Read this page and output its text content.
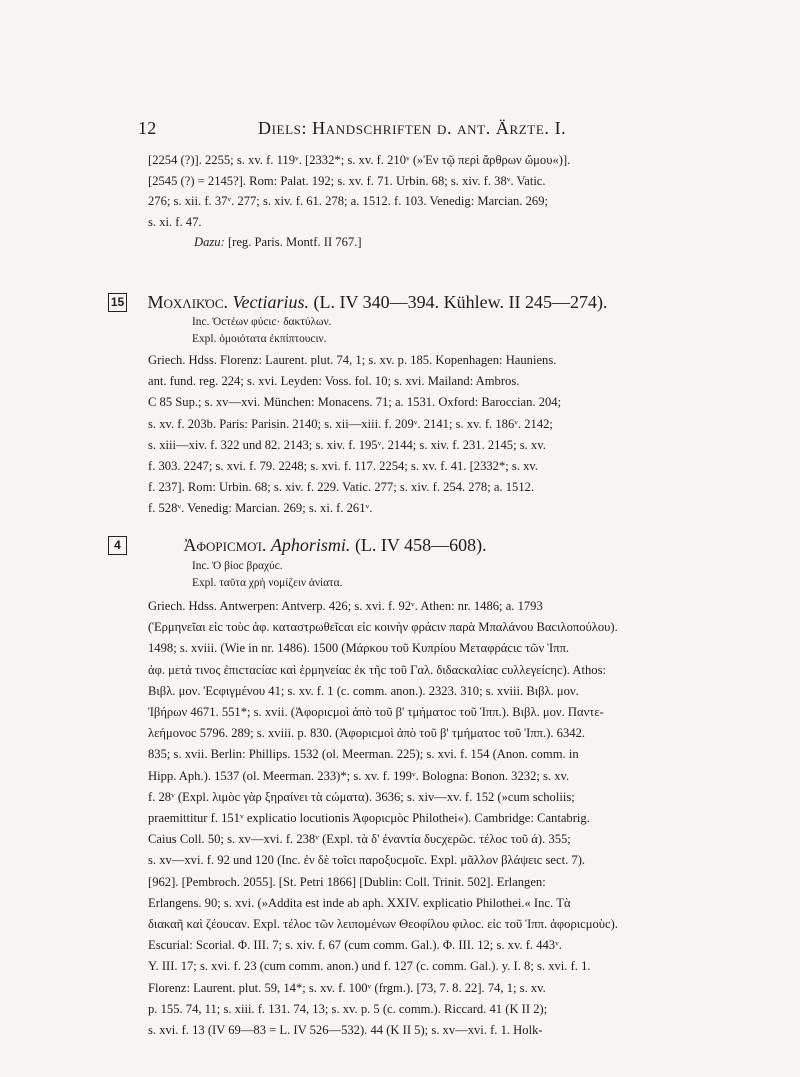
12	Diels: Handschriften d. ant. Ärzte. I.

[2254 (?)]. 2255; s. xv. f. 119ᵛ. [2332*; s. xv. f. 210ᵛ (»Ἐν τῷ περὶ ἄρθρων ὤμου«)].

[2545 (?) = 2145?]. Rom: Palat. 192; s. xv. f. 71. Urbin. 68; s. xiv. f. 38ᵛ. Vatic.

276; s. xii. f. 37ᵛ. 277; s. xiv. f. 61. 278; a. 1512. f. 103. Venedig: Marcian. 269;

s. xi. f. 47.

Dazu: [reg. Paris. Montf. II 767.]

15 Μοχλικόc. Vectiarius. (L. IV 340—394. Kühlew. II 245—274).

Inc. Ὀcτέων φύcιc· δακτύλων.

Expl. ὁμοιότατα ἐκπίπτουcιν.

Griech. Hdss. Florenz: Laurent. plut. 74, 1; s. xv. p. 185. Kopenhagen: Hauniens.

ant. fund. reg. 224; s. xvi. Leyden: Voss. fol. 10; s. xvi. Mailand: Ambros.

C 85 Sup.; s. xv—xvi. München: Monacens. 71; a. 1531. Oxford: Baroccian. 204;

s. xv. f. 203b. Paris: Parisin. 2140; s. xii—xiii. f. 209ᵛ. 2141; s. xv. f. 186ᵛ. 2142;

s. xiii—xiv. f. 322 und 82. 2143; s. xiv. f. 195ᵛ. 2144; s. xiv. f. 231. 2145; s. xv.

f. 303. 2247; s. xvi. f. 79. 2248; s. xvi. f. 117. 2254; s. xv. f. 41. [2332*; s. xv.

f. 237]. Rom: Urbin. 68; s. xiv. f. 229. Vatic. 277; s. xiv. f. 254. 278; a. 1512.

f. 528ᵛ. Venedig: Marcian. 269; s. xi. f. 261ᵛ.

4	Ἀφοριcμοί. Aphorismi. (L. IV 458—608).

Inc. Ὁ βίοc βραχύc.

Expl. ταῦτα χρὴ νομίζειν ἀνίατα.

Griech. Hdss. Antwerpen: Antverp. 426; s. xvi. f. 92ᵛ. Athen: nr. 1486; a. 1793

(Ἑρμηνεῖαι εἰc τοὺc ἀφ. καταστρωθεῖcαι εἰc κοινὴν φράcιν παρὰ Μπαλάνου Βαcιλοπούλου).

1498; s. xviii. (Wie in nr. 1486). 1500 (Μάρκου τοῦ Κυπρίου Μεταφράcιc τῶν Ἱππ.

ἀφ. μετά τινος ἐπιcταcίαc καὶ ἑρμηνείαc ἐκ τῆc τοῦ Γαλ. διδαcκαλίαc cυλλεγείcηc). Athos:

Βιβλ. μον. Ἐcφιγμένου 41; s. xv. f. 1 (c. comm. anon.). 2323. 310; s. xviii. Βιβλ. μον.

Ἰβήρων 4671. 551*; s. xvii. (Ἀφοριcμοὶ ἀπὸ τοῦ β' τμήματοc τοῦ Ἱππ.). Βιβλ. μον. Παντε-

λεήμονοc 5796. 289; s. xviii. p. 830. (Ἀφοριcμοὶ ἀπὸ τοῦ β' τμήματοc τοῦ Ἱππ.). 6342.

835; s. xvii. Berlin: Phillips. 1532 (ol. Meerman. 225); s. xvi. f. 154 (Anon. comm. in

Hipp. Aph.). 1537 (ol. Meerman. 233)*; s. xv. f. 199ᵛ. Bologna: Bonon. 3232; s. xv.

f. 28ᵛ (Expl. λιμὸc γὰρ ξηραίνει τὰ cώματα). 3636; s. xiv—xv. f. 152 (»cum scholiis;

praemittitur f. 151ᵛ explicatio locutionis Ἀφοριcμὸc Philothei«). Cambridge: Cantabrig.

Caius Coll. 50; s. xv—xvi. f. 238ᵛ (Expl. τὰ δ' ἐναντία δυcχερῶc. τέλοc τοῦ ά). 355;

s. xv—xvi. f. 92 und 120 (Inc. ἐν δὲ τοῖcι παροξυcμοῖc. Expl. μᾶλλον βλάψειc sect. 7).

[962]. [Pembroch. 2055]. [St. Petri 1866] [Dublin: Coll. Trinit. 502]. Erlangen:

Erlangens. 90; s. xvi. (»Addita est inde ab aph. XXIV. explicatio Philothei.« Inc. Τὰ

διακαῆ καὶ ζέουcαν. Expl. τέλοc τῶν λειπομένων Θεοφίλου φιλοc. εἰc τοῦ Ἱππ. ἀφοριcμοὺc).

Escurial: Scorial. Φ. III. 7; s. xiv. f. 67 (cum comm. Gal.). Φ. III. 12; s. xv. f. 443ᵛ.

Υ. III. 17; s. xvi. f. 23 (cum comm. anon.) und f. 127 (c. comm. Gal.). y. I. 8; s. xvi. f. 1.

Florenz: Laurent. plut. 59, 14*; s. xv. f. 100ᵛ (frgm.). [73, 7. 8. 22]. 74, 1; s. xv.

p. 155. 74, 11; s. xiii. f. 131. 74, 13; s. xv. p. 5 (c. comm.). Riccard. 41 (K II 2);

s. xvi. f. 13 (IV 69—83 = L. IV 526—532). 44 (K II 5); s. xv—xvi. f. 1. Holk-
